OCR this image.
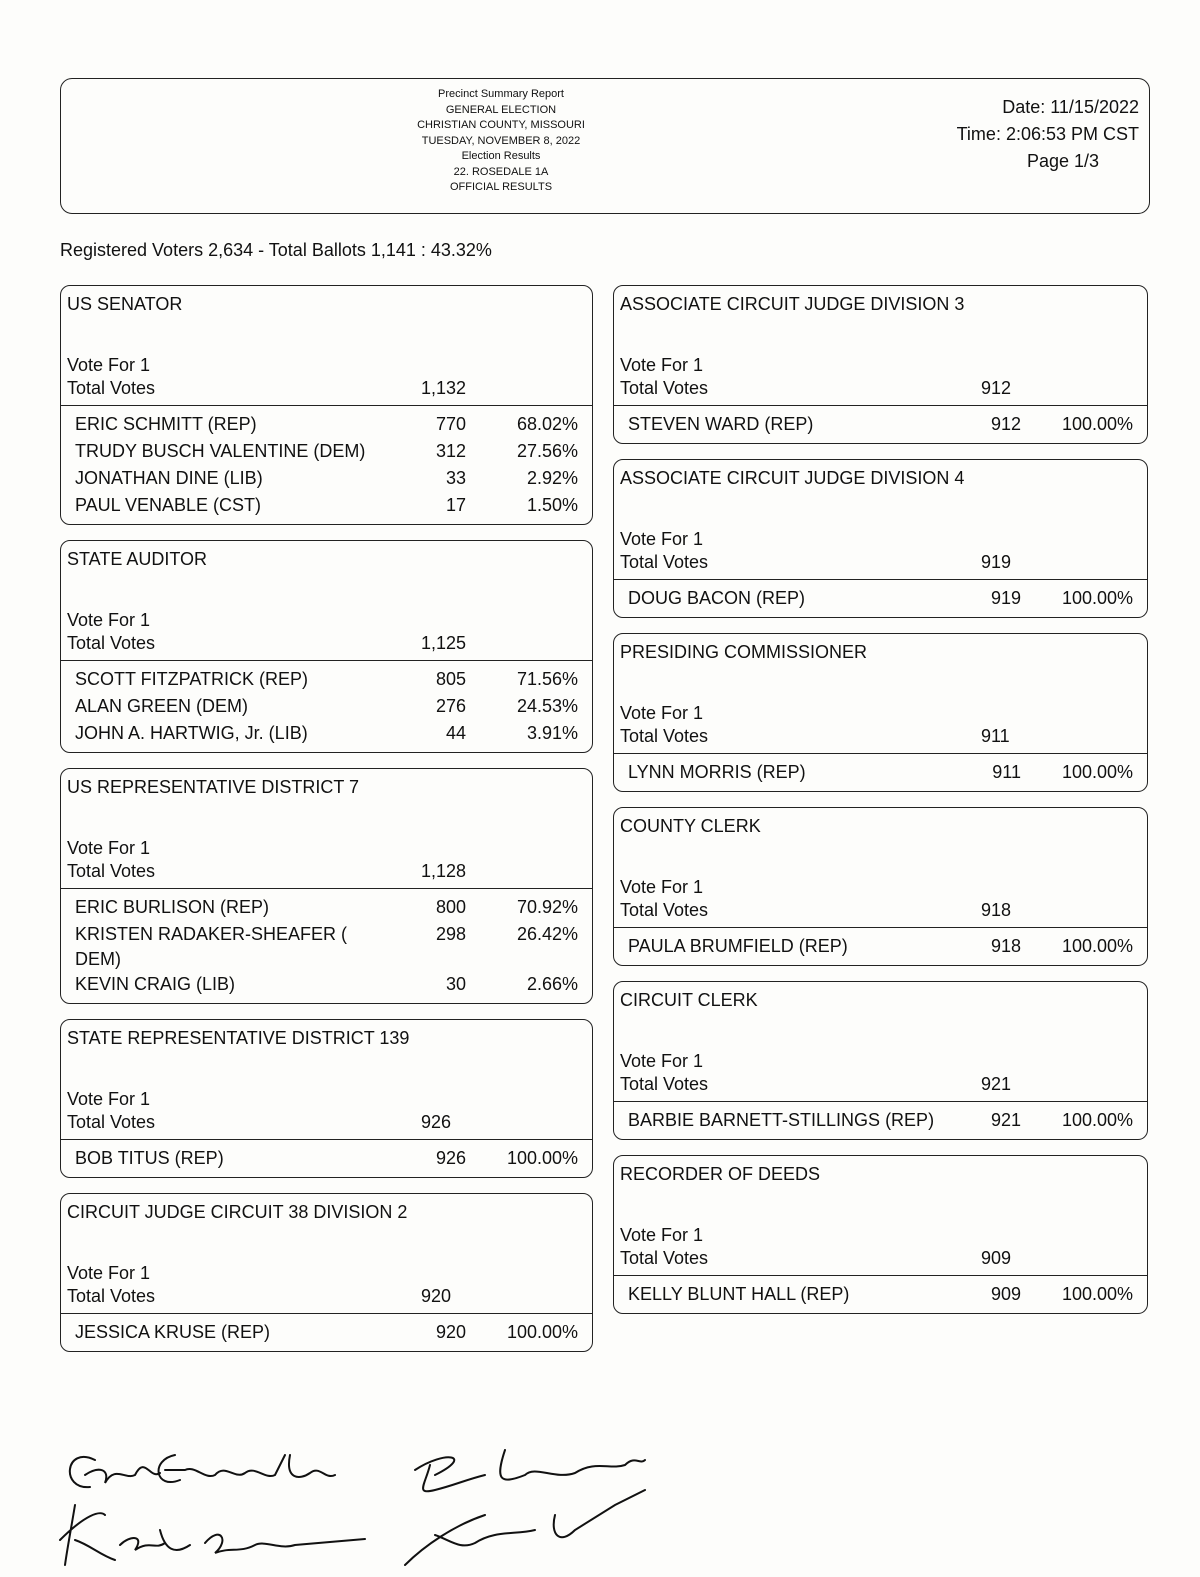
Precinct Summary Report
GENERAL ELECTION
CHRISTIAN COUNTY, MISSOURI
TUESDAY, NOVEMBER 8, 2022
Election Results
22. ROSEDALE 1A
OFFICIAL RESULTS
Date: 11/15/2022
Time: 2:06:53 PM CST
Page 1/3
Registered Voters 2,634 - Total Ballots 1,141 : 43.32%
US SENATOR
Vote For 1
Total Votes	1,132
ERIC SCHMITT (REP)	770	68.02%
TRUDY BUSCH VALENTINE (DEM)	312	27.56%
JONATHAN DINE (LIB)	33	2.92%
PAUL VENABLE (CST)	17	1.50%
STATE AUDITOR
Vote For 1
Total Votes	1,125
SCOTT FITZPATRICK (REP)	805	71.56%
ALAN GREEN (DEM)	276	24.53%
JOHN A. HARTWIG, Jr. (LIB)	44	3.91%
US REPRESENTATIVE DISTRICT 7
Vote For 1
Total Votes	1,128
ERIC BURLISON (REP)	800	70.92%
KRISTEN RADAKER-SHEAFER ( DEM)
298	26.42%
KEVIN CRAIG (LIB)	30	2.66%
STATE REPRESENTATIVE DISTRICT 139
Vote For 1
Total Votes	926
BOB TITUS (REP)	926	100.00%
CIRCUIT JUDGE CIRCUIT 38 DIVISION 2
Vote For 1
Total Votes	920
JESSICA KRUSE (REP)	920	100.00%
ASSOCIATE CIRCUIT JUDGE DIVISION 3
Vote For 1
Total Votes	912
STEVEN WARD (REP)	912	100.00%
ASSOCIATE CIRCUIT JUDGE DIVISION 4
Vote For 1
Total Votes	919
DOUG BACON (REP)	919	100.00%
PRESIDING COMMISSIONER
Vote For 1
Total Votes	911
LYNN MORRIS (REP)	911	100.00%
COUNTY CLERK
Vote For 1
Total Votes	918
PAULA BRUMFIELD (REP)	918	100.00%
CIRCUIT CLERK
Vote For 1
Total Votes	921
BARBIE BARNETT-STILLINGS (REP)	921	100.00%
RECORDER OF DEEDS
Vote For 1
Total Votes	909
KELLY BLUNT HALL (REP)	909	100.00%
